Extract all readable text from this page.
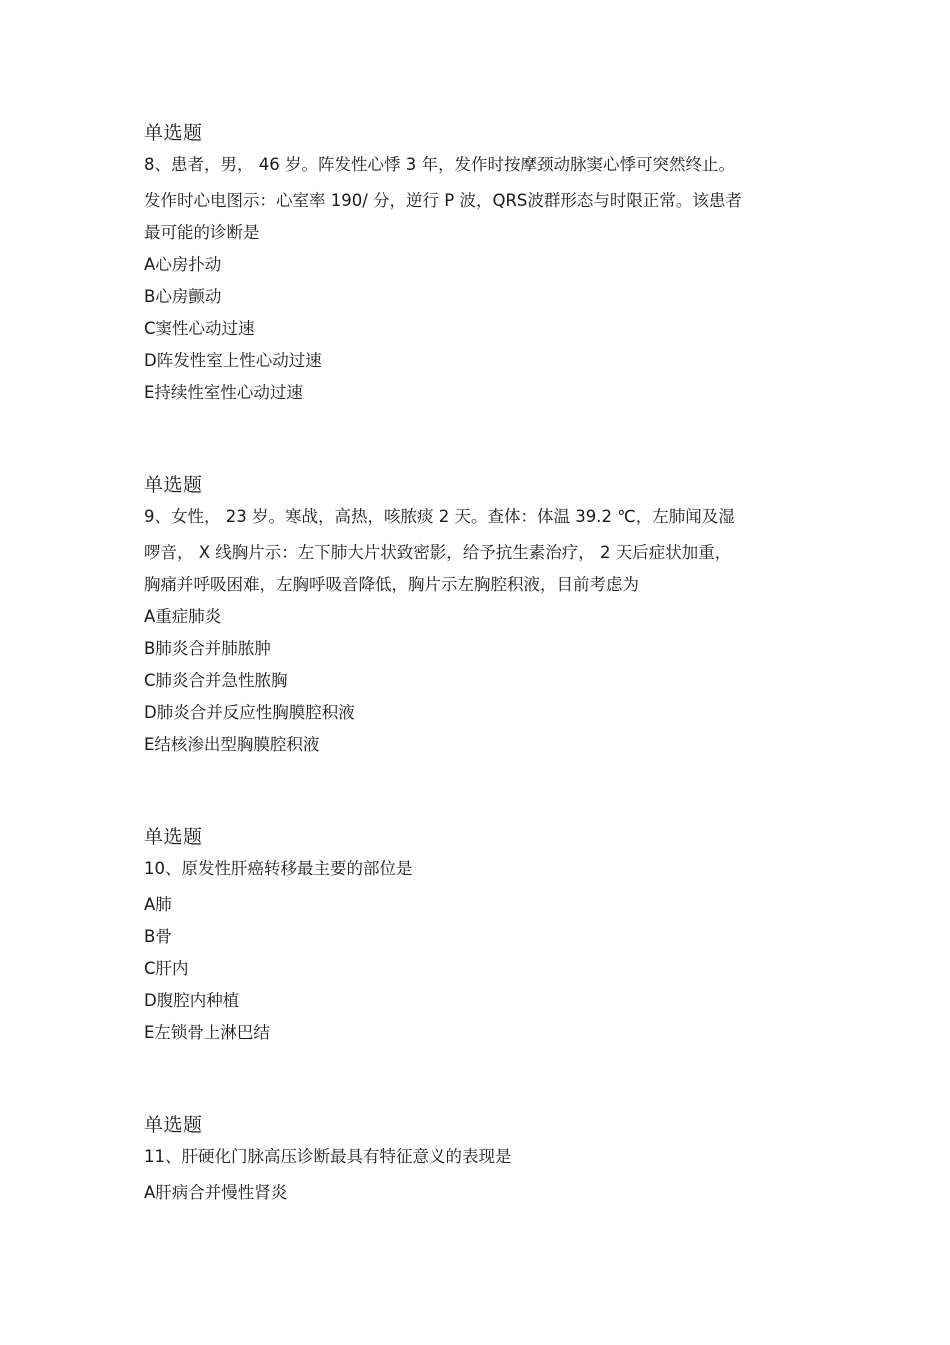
单选题
8、患者，男， 46 岁。阵发性心悸 3 年，发作时按摩颈动脉窦心悸可突然终止。
发作时心电图示：心室率 190/ 分，逆行 P 波，QRS波群形态与时限正常。该患者
最可能的诊断是
A心房扑动
B心房颤动
C窦性心动过速
D阵发性室上性心动过速
E持续性室性心动过速
单选题
9、女性， 23 岁。寒战，高热，咳脓痰 2 天。查体：体温 39.2 ℃，左肺闻及湿
啰音， X 线胸片示：左下肺大片状致密影，给予抗生素治疗， 2 天后症状加重，
胸痛并呼吸困难，左胸呼吸音降低，胸片示左胸腔积液，目前考虑为
A重症肺炎
B肺炎合并肺脓肿
C肺炎合并急性脓胸
D肺炎合并反应性胸膜腔积液
E结核渗出型胸膜腔积液
单选题
10、原发性肝癌转移最主要的部位是
A肺
B骨
C肝内
D腹腔内种植
E左锁骨上淋巴结
单选题
11、肝硬化门脉高压诊断最具有特征意义的表现是
A肝病合并慢性肾炎
